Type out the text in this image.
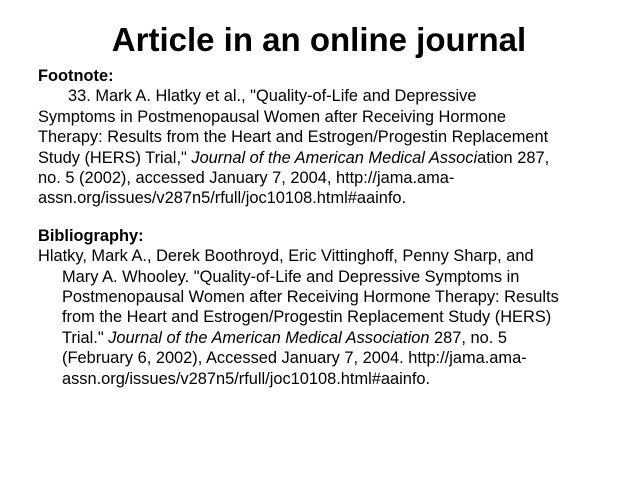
Article in an online journal
Footnote:
33. Mark A. Hlatky et al., "Quality-of-Life and Depressive
Symptoms in Postmenopausal Women after Receiving Hormone
Therapy: Results from the Heart and Estrogen/Progestin Replacement
Study (HERS) Trial," Journal of the American Medical Association 287,
no. 5 (2002), accessed January 7, 2004, http://jama.ama-
assn.org/issues/v287n5/rfull/joc10108.html#aainfo.
Bibliography:
Hlatky, Mark A., Derek Boothroyd, Eric Vittinghoff, Penny Sharp, and
Mary A. Whooley. "Quality-of-Life and Depressive Symptoms in
Postmenopausal Women after Receiving Hormone Therapy: Results
from the Heart and Estrogen/Progestin Replacement Study (HERS)
Trial." Journal of the American Medical Association 287, no. 5
(February 6, 2002), Accessed January 7, 2004. http://jama.ama-
assn.org/issues/v287n5/rfull/joc10108.html#aainfo.
